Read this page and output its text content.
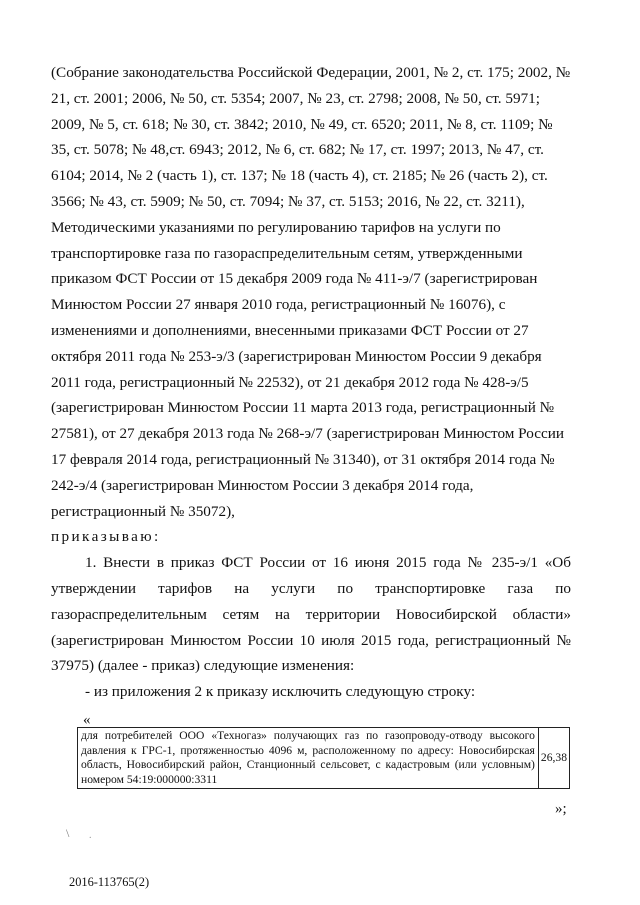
(Собрание законодательства Российской Федерации, 2001, № 2, ст. 175; 2002, № 21, ст. 2001; 2006, № 50, ст. 5354; 2007, № 23, ст. 2798; 2008, № 50, ст. 5971; 2009, № 5, ст. 618; № 30, ст. 3842; 2010, № 49, ст. 6520; 2011, № 8, ст. 1109; № 35, ст. 5078; № 48,ст. 6943; 2012, № 6, ст. 682; № 17, ст. 1997; 2013, № 47, ст. 6104; 2014, № 2 (часть 1), ст. 137; № 18 (часть 4), ст. 2185; № 26 (часть 2), ст. 3566; № 43, ст. 5909; № 50, ст. 7094; № 37, ст. 5153; 2016, № 22, ст. 3211), Методическими указаниями по регулированию тарифов на услуги по транспортировке газа по газораспределительным сетям, утвержденными приказом ФСТ России от 15 декабря 2009 года № 411-э/7 (зарегистрирован Минюстом России 27 января 2010 года, регистрационный № 16076), с изменениями и дополнениями, внесенными приказами ФСТ России от 27 октября 2011 года № 253-э/3 (зарегистрирован Минюстом России 9 декабря 2011 года, регистрационный № 22532), от 21 декабря 2012 года № 428-э/5 (зарегистрирован Минюстом России 11 марта 2013 года, регистрационный № 27581), от 27 декабря 2013 года № 268-э/7 (зарегистрирован Минюстом России 17 февраля 2014 года, регистрационный № 31340), от 31 октября 2014 года № 242-э/4 (зарегистрирован Минюстом России 3 декабря 2014 года, регистрационный № 35072),

приказываю:

1. Внести в приказ ФСТ России от 16 июня 2015 года № 235-э/1 «Об утверждении тарифов на услуги по транспортировке газа по газораспределительным сетям на территории Новосибирской области» (зарегистрирован Минюстом России 10 июля 2015 года, регистрационный № 37975) (далее - приказ) следующие изменения:

- из приложения 2 к приказу исключить следующую строку:

«
для потребителей ООО «Техногаз» получающих газ по газопроводу-отводу высокого давления к ГРС-1, протяженностью 4096 м, расположенному по адресу: Новосибирская область, Новосибирский район, Станционный сельсовет, с кадастровым (или условным) номером 54:19:000000:3311	26,38
»;
\ .
2016-113765(2)
